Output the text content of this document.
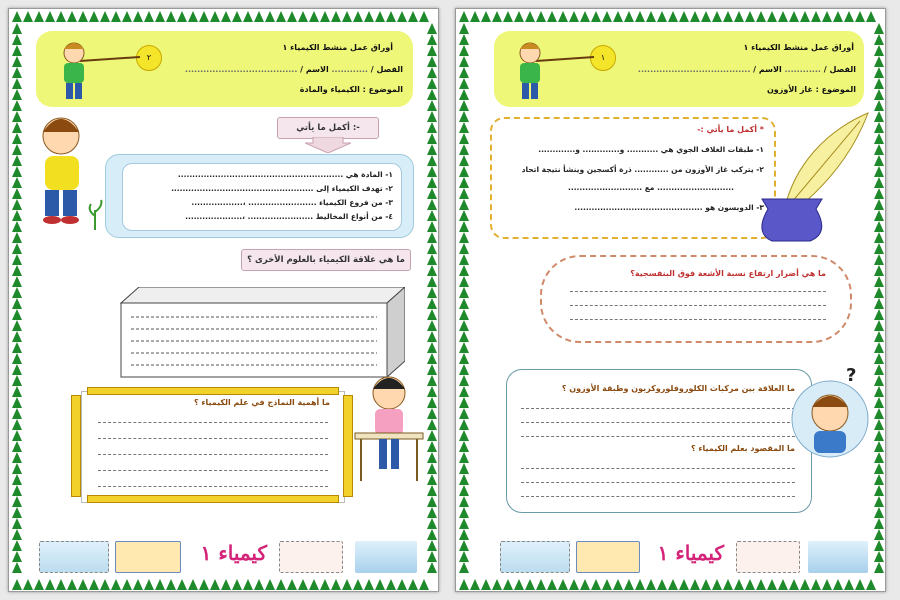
٢
أوراق عمل منشط الكيمياء ١
الفصل / ............ الاسم / .....................................
الموضوع : الكيمياء والمادة
أكمل ما يأتي :-
١- المادة هي ..........................................................
٢- تهدف الكيمياء إلى ..................................................
٣- من فروع الكيمياء ........................ ،..................
٤- من أنواع المخاليط ....................... ،....................
ما هي علاقة الكيمياء بالعلوم الأخرى ؟
ما أهمية النماذج في علم الكيمياء ؟
كيمياء ١
١
أوراق عمل منشط الكيمياء ١
الفصل / ............ الاسم / .....................................
الموضوع : غاز الأوزون
* أكمل ما يأتي :-
١- طبقات الغلاف الجوي هي ........... و............. و.............
٢- يتركب غاز الأوزون من ............ ذرة أكسجين وينشأ نتيجة اتحاد
........................... مع ..........................
٣- الدوبسون هو .............................................
ما هي أضرار ارتفاع نسبة الأشعة فوق البنفسجية؟
ما العلاقة بين مركبات الكلوروفلوروكربون وطبقة الأوزون ؟
ما المقصود بعلم الكيمياء ؟
?
كيمياء ١
